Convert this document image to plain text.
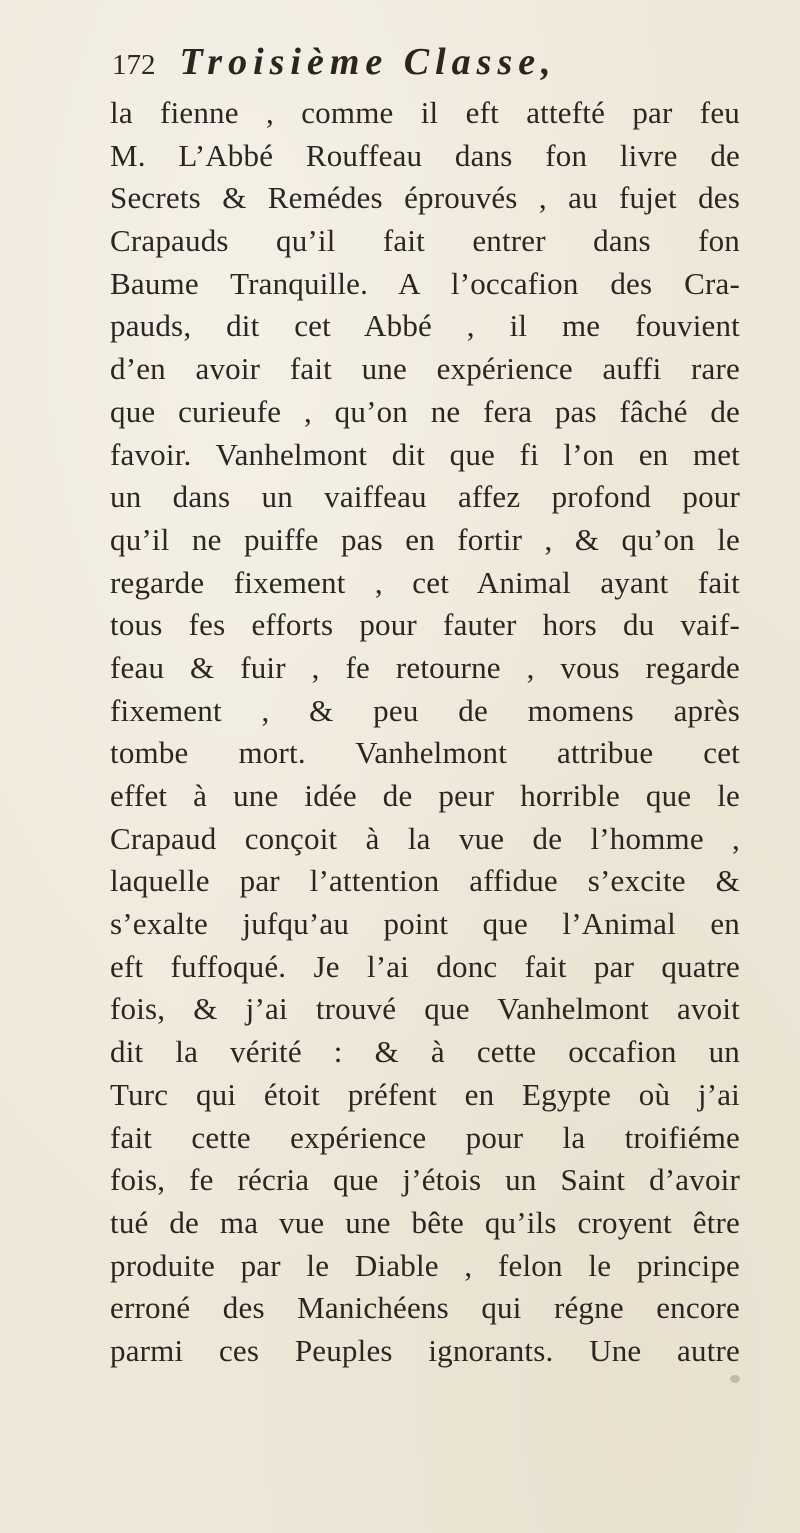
172 Troisième Classe,
la fienne , comme il eft attefté par feu
M. L’Abbé Rouffeau dans fon livre de
Secrets & Remédes éprouvés , au fujet des
Crapauds qu’il fait entrer dans fon
Baume Tranquille. A l’occafion des Cra-
pauds, dit cet Abbé , il me fouvient
d’en avoir fait une expérience auffi rare
que curieufe , qu’on ne fera pas fâché de
favoir. Vanhelmont dit que fi l’on en met
un dans un vaiffeau affez profond pour
qu’il ne puiffe pas en fortir , & qu’on le
regarde fixement , cet Animal ayant fait
tous fes efforts pour fauter hors du vaif-
feau & fuir , fe retourne , vous regarde
fixement , & peu de momens après
tombe mort. Vanhelmont attribue cet
effet à une idée de peur horrible que le
Crapaud conçoit à la vue de l’homme ,
laquelle par l’attention affidue s’excite &
s’exalte jufqu’au point que l’Animal en
eft fuffoqué. Je l’ai donc fait par quatre
fois, & j’ai trouvé que Vanhelmont avoit
dit la vérité : & à cette occafion un
Turc qui étoit préfent en Egypte où j’ai
fait cette expérience pour la troifiéme
fois, fe récria que j’étois un Saint d’avoir
tué de ma vue une bête qu’ils croyent être
produite par le Diable , felon le principe
erroné des Manichéens qui régne encore
parmi ces Peuples ignorants. Une autre
